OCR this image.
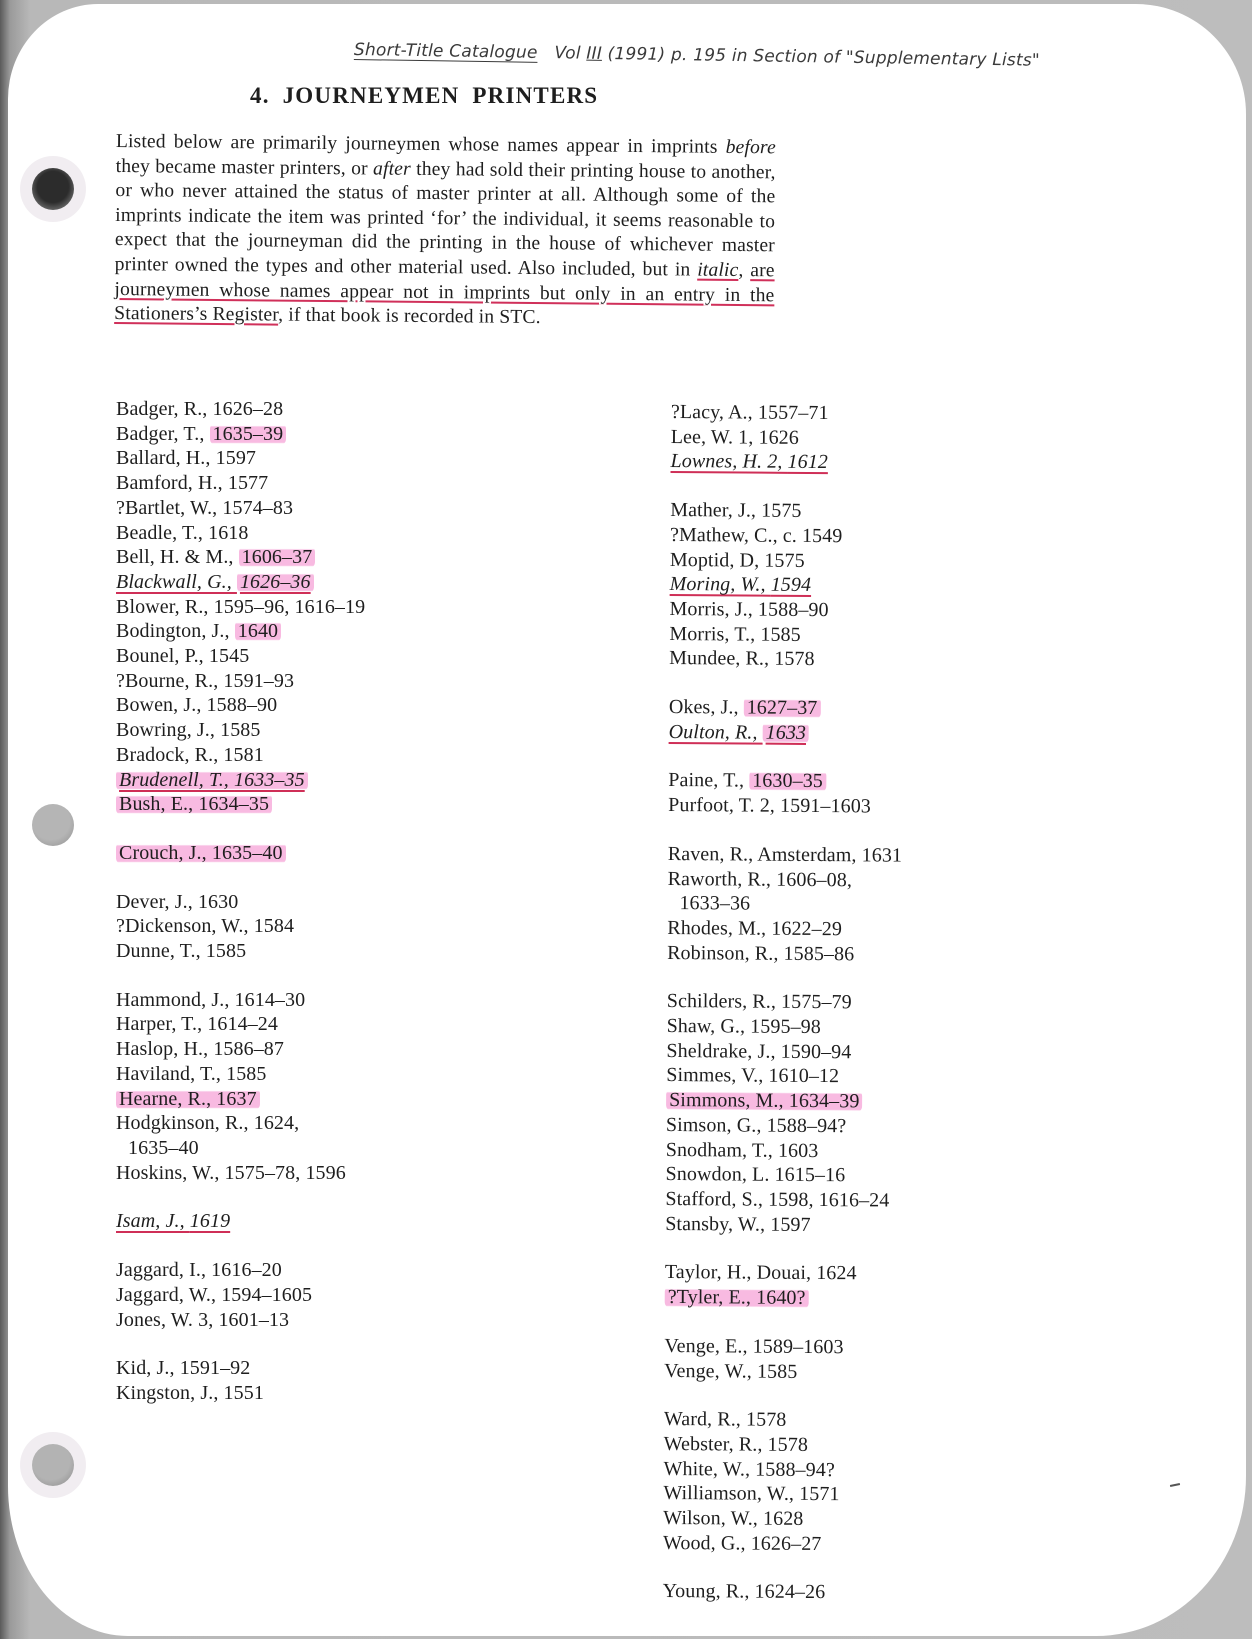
Short-Title Catalogue Vol III (1991) p. 195 in Section of "Supplementary Lists"
4. JOURNEYMEN PRINTERS

Listed below are primarily journeymen whose names appear in imprints before they became master printers, or after they had sold their printing house to another, or who never attained the status of master printer at all. Although some of the imprints indicate the item was printed ‘for’ the individual, it seems reasonable to expect that the journeyman did the printing in the house of whichever master printer owned the types and other material used. Also included, but in italic, are journeymen whose names appear not in imprints but only in an entry in the Stationers’s Register, if that book is recorded in STC.

Badger, R., 1626–28
Badger, T., 1635–39
Ballard, H., 1597
Bamford, H., 1577
?Bartlet, W., 1574–83
Beadle, T., 1618
Bell, H. & M., 1606–37
Blackwall, G., 1626–36
Blower, R., 1595–96, 1616–19
Bodington, J., 1640
Bounel, P., 1545
?Bourne, R., 1591–93
Bowen, J., 1588–90
Bowring, J., 1585
Bradock, R., 1581
Brudenell, T., 1633–35
Bush, E., 1634–35
Crouch, J., 1635–40
Dever, J., 1630
?Dickenson, W., 1584
Dunne, T., 1585
Hammond, J., 1614–30
Harper, T., 1614–24
Haslop, H., 1586–87
Haviland, T., 1585
Hearne, R., 1637
Hodgkinson, R., 1624,
1635–40
Hoskins, W., 1575–78, 1596
Isam, J., 1619
Jaggard, I., 1616–20
Jaggard, W., 1594–1605
Jones, W. 3, 1601–13
Kid, J., 1591–92
Kingston, J., 1551
?Lacy, A., 1557–71
Lee, W. 1, 1626
Lownes, H. 2, 1612
Mather, J., 1575
?Mathew, C., c. 1549
Moptid, D, 1575
Moring, W., 1594
Morris, J., 1588–90
Morris, T., 1585
Mundee, R., 1578
Okes, J., 1627–37
Oulton, R., 1633
Paine, T., 1630–35
Purfoot, T. 2, 1591–1603
Raven, R., Amsterdam, 1631
Raworth, R., 1606–08,
1633–36
Rhodes, M., 1622–29
Robinson, R., 1585–86
Schilders, R., 1575–79
Shaw, G., 1595–98
Sheldrake, J., 1590–94
Simmes, V., 1610–12
Simmons, M., 1634–39
Simson, G., 1588–94?
Snodham, T., 1603
Snowdon, L. 1615–16
Stafford, S., 1598, 1616–24
Stansby, W., 1597
Taylor, H., Douai, 1624
?Tyler, E., 1640?
Venge, E., 1589–1603
Venge, W., 1585
Ward, R., 1578
Webster, R., 1578
White, W., 1588–94?
Williamson, W., 1571
Wilson, W., 1628
Wood, G., 1626–27
Young, R., 1624–26
